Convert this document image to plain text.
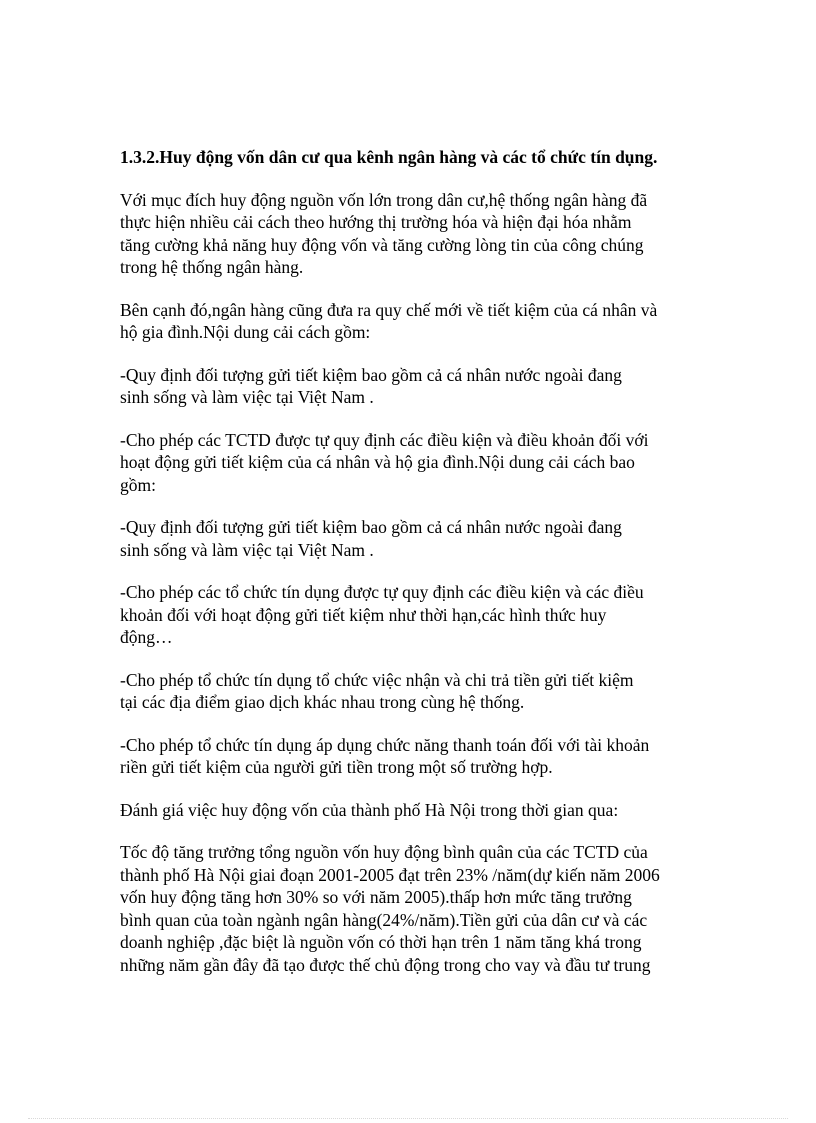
1.3.2.Huy động vốn dân cư qua kênh ngân hàng và các tổ chức tín dụng.
Với mục đích huy động nguồn vốn lớn trong dân cư,hệ thống ngân hàng đã
thực hiện nhiều cải cách theo hướng thị trường hóa và hiện đại hóa nhằm
tăng cường khả năng huy động vốn và tăng cường lòng tin của công chúng
trong hệ thống ngân hàng.
Bên cạnh đó,ngân hàng cũng đưa ra quy chế mới về tiết kiệm của cá nhân và
hộ gia đình.Nội dung cải cách gồm:
-Quy định đối tượng gửi tiết kiệm bao gồm cả cá nhân nước ngoài đang
sinh sống và làm việc tại Việt Nam .
-Cho phép các TCTD được tự quy định các điều kiện và điều khoản đối với
hoạt động gửi tiết kiệm của cá nhân và hộ gia đình.Nội dung cải cách bao
gồm:
-Quy định đối tượng gửi tiết kiệm bao gồm cả cá nhân nước ngoài đang
sinh sống và làm việc tại Việt Nam .
-Cho phép các tổ chức tín dụng được tự quy định các điều kiện và các điều
khoản đối với hoạt động gửi tiết kiệm như thời hạn,các hình thức huy
động…
-Cho phép tổ chức tín dụng tổ chức việc nhận và chi trả tiền gửi tiết kiệm
tại các địa điểm giao dịch khác nhau trong cùng hệ thống.
-Cho phép tổ chức tín dụng áp dụng chức năng thanh toán đối với tài khoản
riền gửi tiết kiệm của người gửi tiền trong một số trường hợp.
Đánh giá việc huy động vốn của thành phố Hà Nội trong thời gian qua:
Tốc độ tăng trưởng tổng nguồn vốn huy động bình quân của các TCTD của
thành phố Hà Nội giai đoạn 2001-2005 đạt trên 23% /năm(dự kiến năm 2006
vốn huy động tăng hơn 30% so với năm 2005).thấp hơn mức tăng trưởng
bình quan của toàn ngành ngân hàng(24%/năm).Tiền gửi của dân cư và các
doanh nghiệp ,đặc biệt là nguồn vốn có thời hạn trên 1 năm tăng khá trong
những năm gần đây đã tạo được thế chủ động trong cho vay và đầu tư trung
